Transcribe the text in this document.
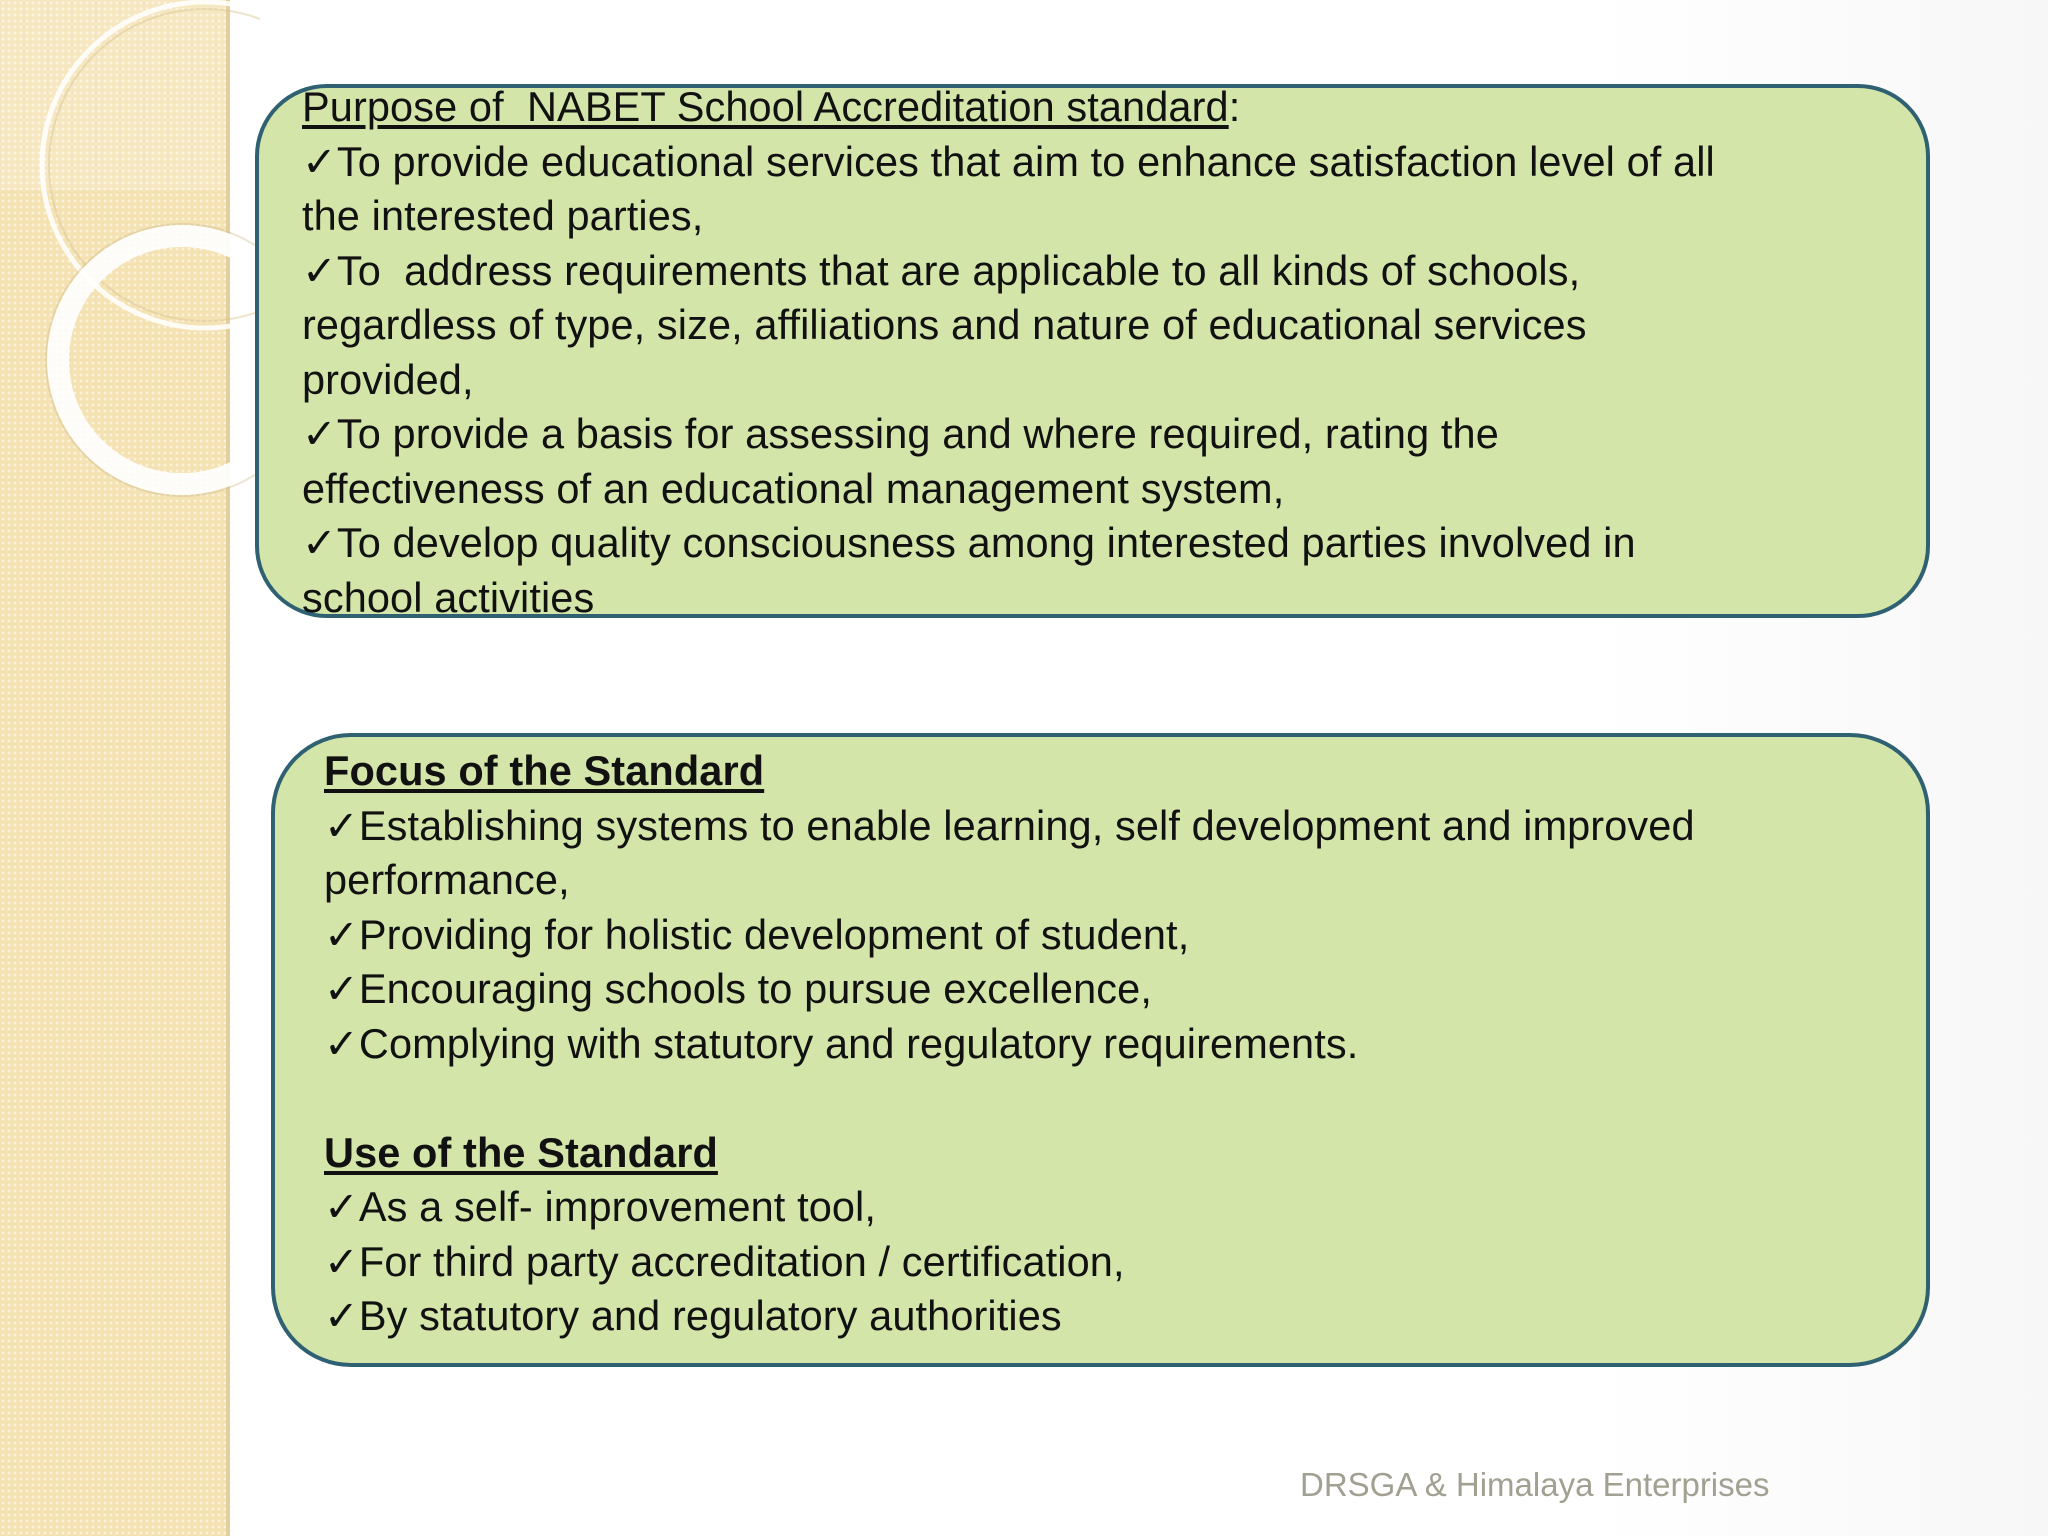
Purpose of  NABET School Accreditation standard:
✓To provide educational services that aim to enhance satisfaction level of all
the interested parties,
✓To  address requirements that are applicable to all kinds of schools,
regardless of type, size, affiliations and nature of educational services
provided,
✓To provide a basis for assessing and where required, rating the
effectiveness of an educational management system,
✓To develop quality consciousness among interested parties involved in
school activities
Focus of the Standard
✓Establishing systems to enable learning, self development and improved
performance,
✓Providing for holistic development of student,
✓Encouraging schools to pursue excellence,
✓Complying with statutory and regulatory requirements.
Use of the Standard
✓As a self- improvement tool,
✓For third party accreditation / certification,
✓By statutory and regulatory authorities
DRSGA & Himalaya Enterprises
